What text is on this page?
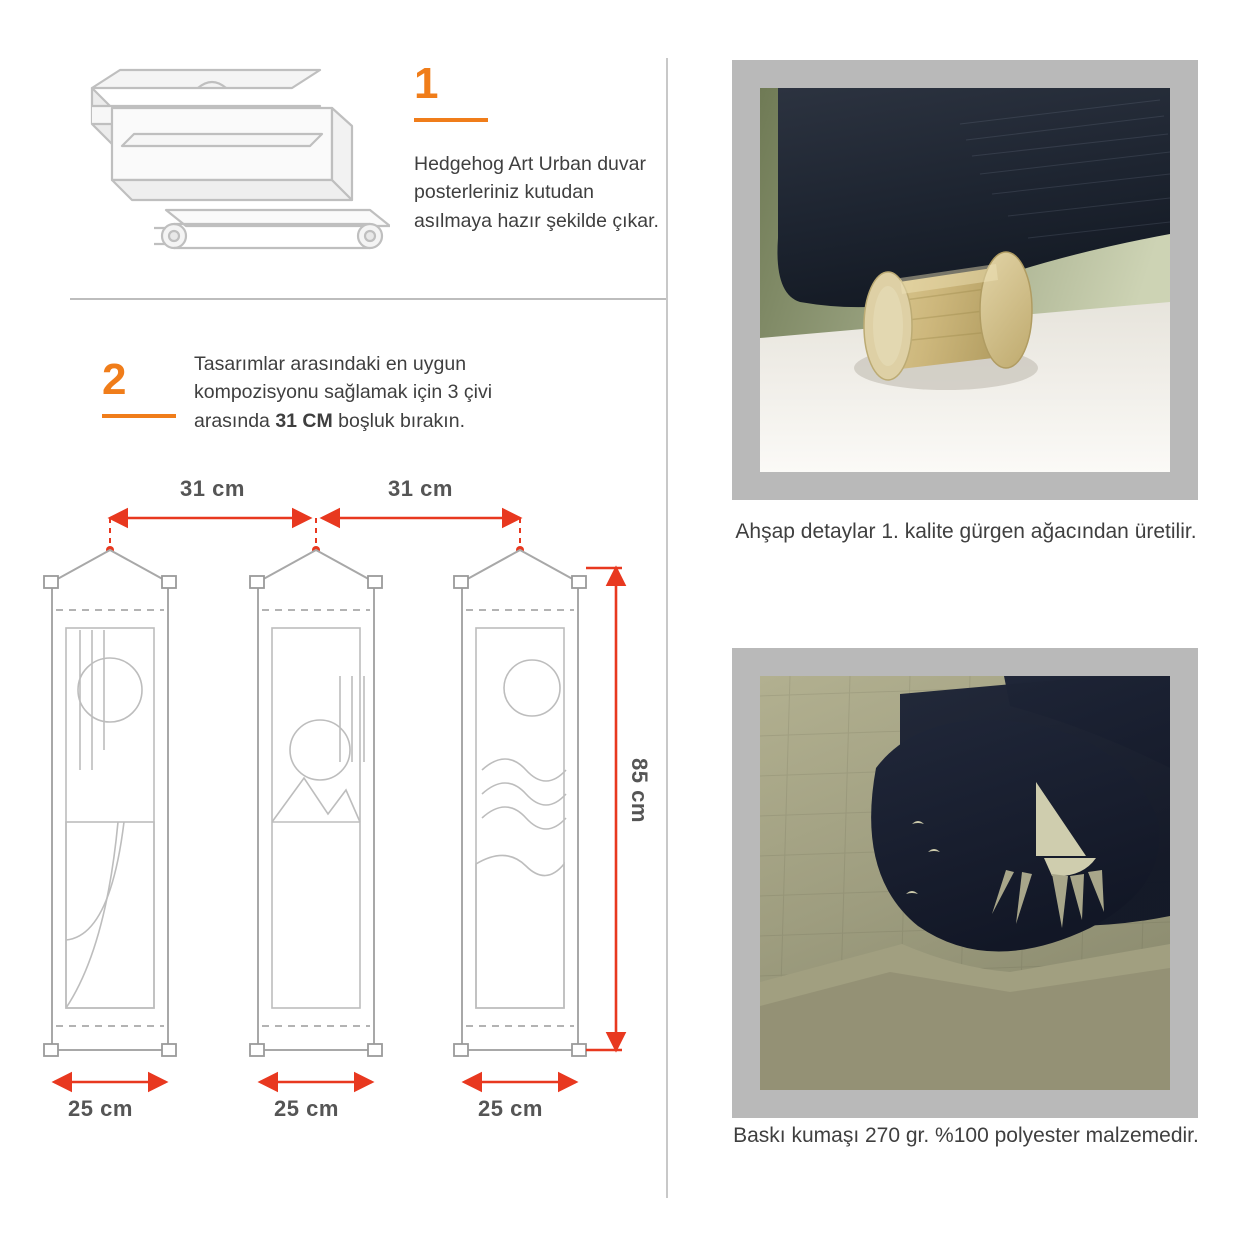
1
Hedgehog Art Urban duvar posterleriniz kutudan asılmaya hazır şekilde çıkar.
2	Tasarımlar arasındaki en uygun kompozisyonu sağlamak için 3 çivi arasında 31 CM boşluk bırakın.
31 cm	31 cm
85 cm
25 cm	25 cm	25 cm
Ahşap detaylar 1. kalite gürgen ağacından üretilir.
Baskı kumaşı 270 gr. %100 polyester malzemedir.
